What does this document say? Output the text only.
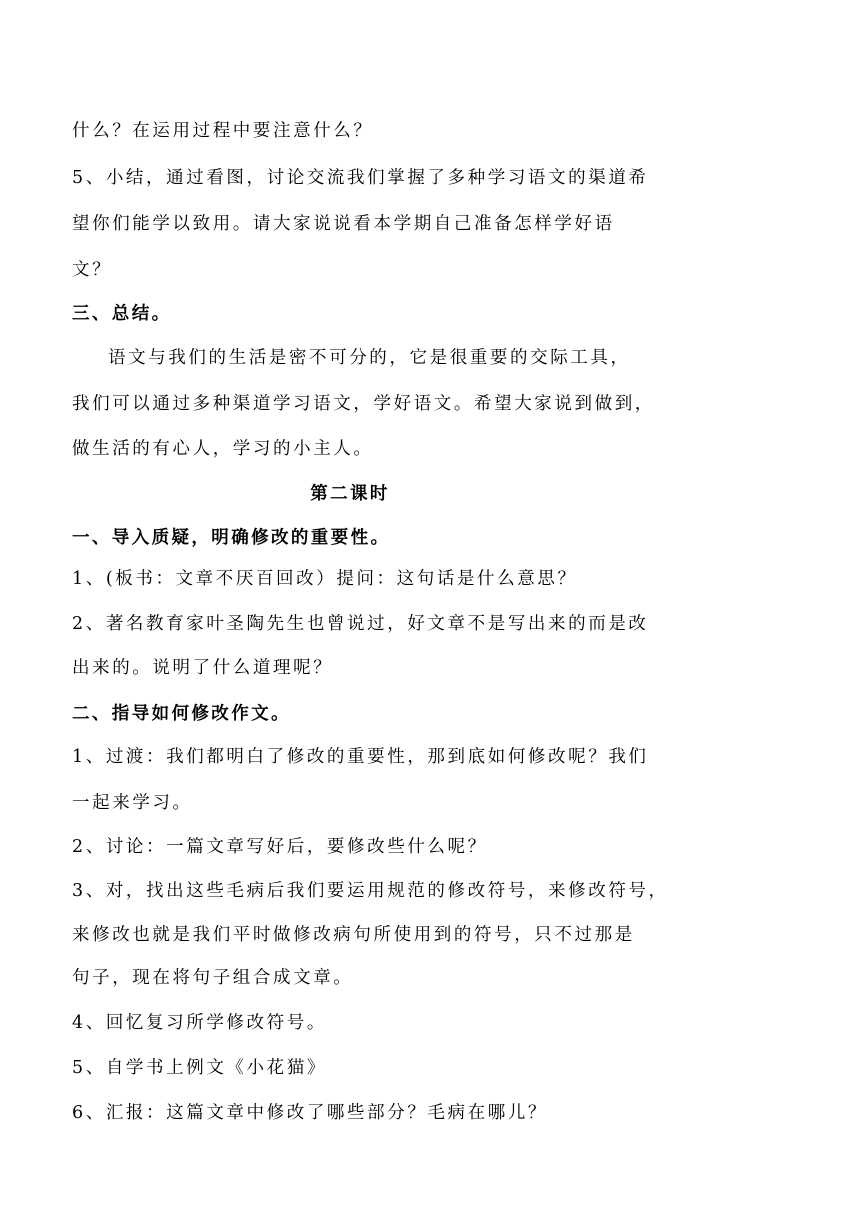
什么？在运用过程中要注意什么？
5、小结，通过看图，讨论交流我们掌握了多种学习语文的渠道希
望你们能学以致用。请大家说说看本学期自己准备怎样学好语
文？
三、总结。
语文与我们的生活是密不可分的，它是很重要的交际工具，
我们可以通过多种渠道学习语文，学好语文。希望大家说到做到，
做生活的有心人，学习的小主人。
第二课时
一、导入质疑，明确修改的重要性。
1、(板书：文章不厌百回改）提问：这句话是什么意思？
2、著名教育家叶圣陶先生也曾说过，好文章不是写出来的而是改
出来的。说明了什么道理呢？
二、指导如何修改作文。
1、过渡：我们都明白了修改的重要性，那到底如何修改呢？我们
一起来学习。
2、讨论：一篇文章写好后，要修改些什么呢？
3、对，找出这些毛病后我们要运用规范的修改符号，来修改符号，
来修改也就是我们平时做修改病句所使用到的符号，只不过那是
句子，现在将句子组合成文章。
4、回忆复习所学修改符号。
5、自学书上例文《小花猫》
6、汇报：这篇文章中修改了哪些部分？毛病在哪儿？
